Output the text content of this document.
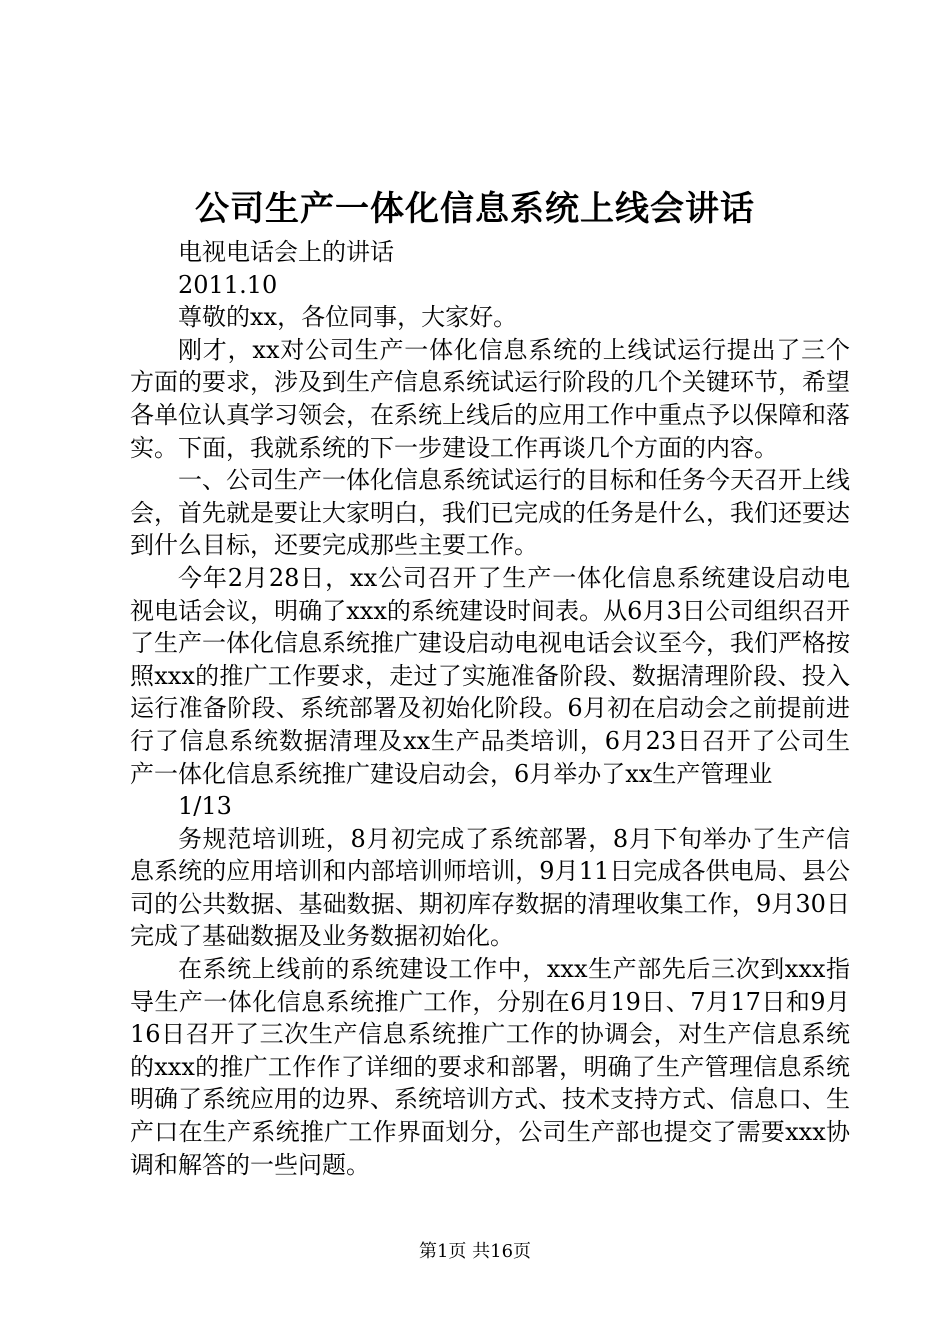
公司生产一体化信息系统上线会讲话

电视电话会上的讲话

2011.10

尊敬的xx，各位同事，大家好。

刚才，xx对公司生产一体化信息系统的上线试运行提出了三个方面的要求，涉及到生产信息系统试运行阶段的几个关键环节，希望各单位认真学习领会，在系统上线后的应用工作中重点予以保障和落实。下面，我就系统的下一步建设工作再谈几个方面的内容。

一、公司生产一体化信息系统试运行的目标和任务今天召开上线会，首先就是要让大家明白，我们已完成的任务是什么，我们还要达到什么目标，还要完成那些主要工作。

今年2月28日，xx公司召开了生产一体化信息系统建设启动电视电话会议，明确了xxx的系统建设时间表。从6月3日公司组织召开了生产一体化信息系统推广建设启动电视电话会议至今，我们严格按照xxx的推广工作要求，走过了实施准备阶段、数据清理阶段、投入运行准备阶段、系统部署及初始化阶段。6月初在启动会之前提前进行了信息系统数据清理及xx生产品类培训，6月23日召开了公司生产一体化信息系统推广建设启动会，6月举办了xx生产管理业

1/13

务规范培训班，8月初完成了系统部署，8月下旬举办了生产信息系统的应用培训和内部培训师培训，9月11日完成各供电局、县公司的公共数据、基础数据、期初库存数据的清理收集工作，9月30日完成了基础数据及业务数据初始化。

在系统上线前的系统建设工作中，xxx生产部先后三次到xxx指导生产一体化信息系统推广工作，分别在6月19日、7月17日和9月16日召开了三次生产信息系统推广工作的协调会，对生产信息系统的xxx的推广工作作了详细的要求和部署，明确了生产管理信息系统明确了系统应用的边界、系统培训方式、技术支持方式、信息口、生产口在生产系统推广工作界面划分，公司生产部也提交了需要xxx协调和解答的一些问题。

第1页 共16页
